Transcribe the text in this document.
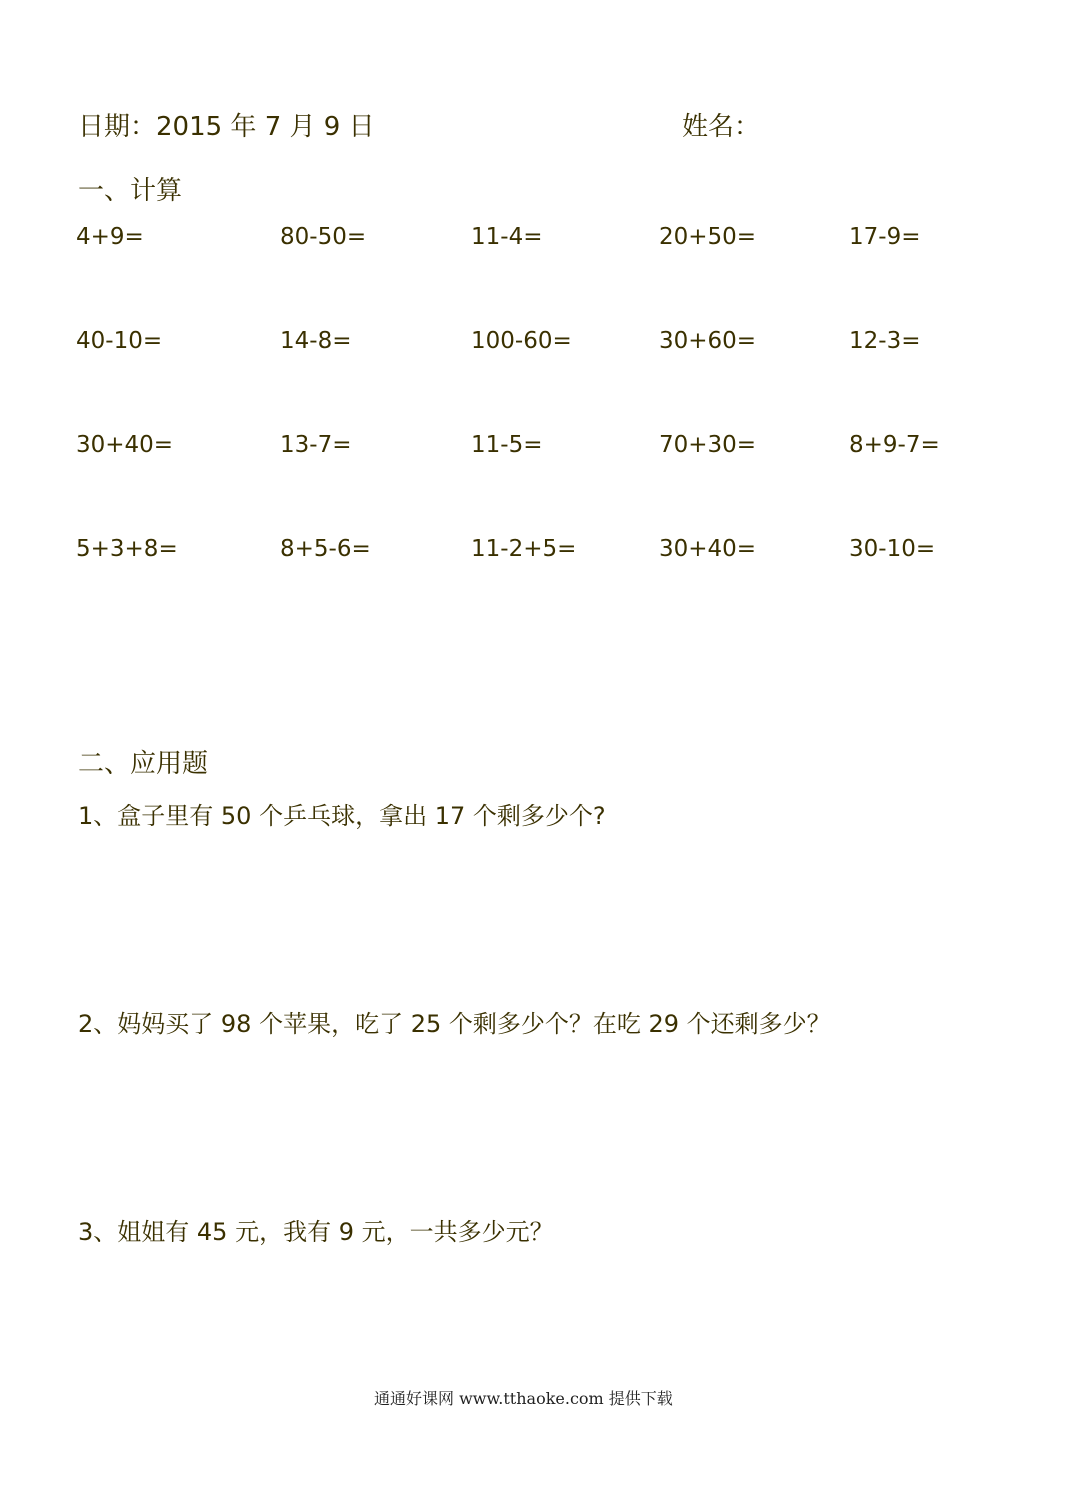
日期：2015 年 7 月 9 日	姓名：
一、计算
4+9=	80-50=	11-4=	20+50=	17-9=
40-10=	14-8=	100-60=	30+60=	12-3=
30+40=	13-7=	11-5=	70+30=	8+9-7=
5+3+8=	8+5-6=	11-2+5=	30+40=	30-10=
二、应用题
1、盒子里有 50 个乒乓球，拿出 17 个剩多少个?
2、妈妈买了 98 个苹果，吃了 25 个剩多少个？在吃 29 个还剩多少？
3、姐姐有 45 元，我有 9 元，一共多少元？
通通好课网 www.tthaoke.com 提供下载
